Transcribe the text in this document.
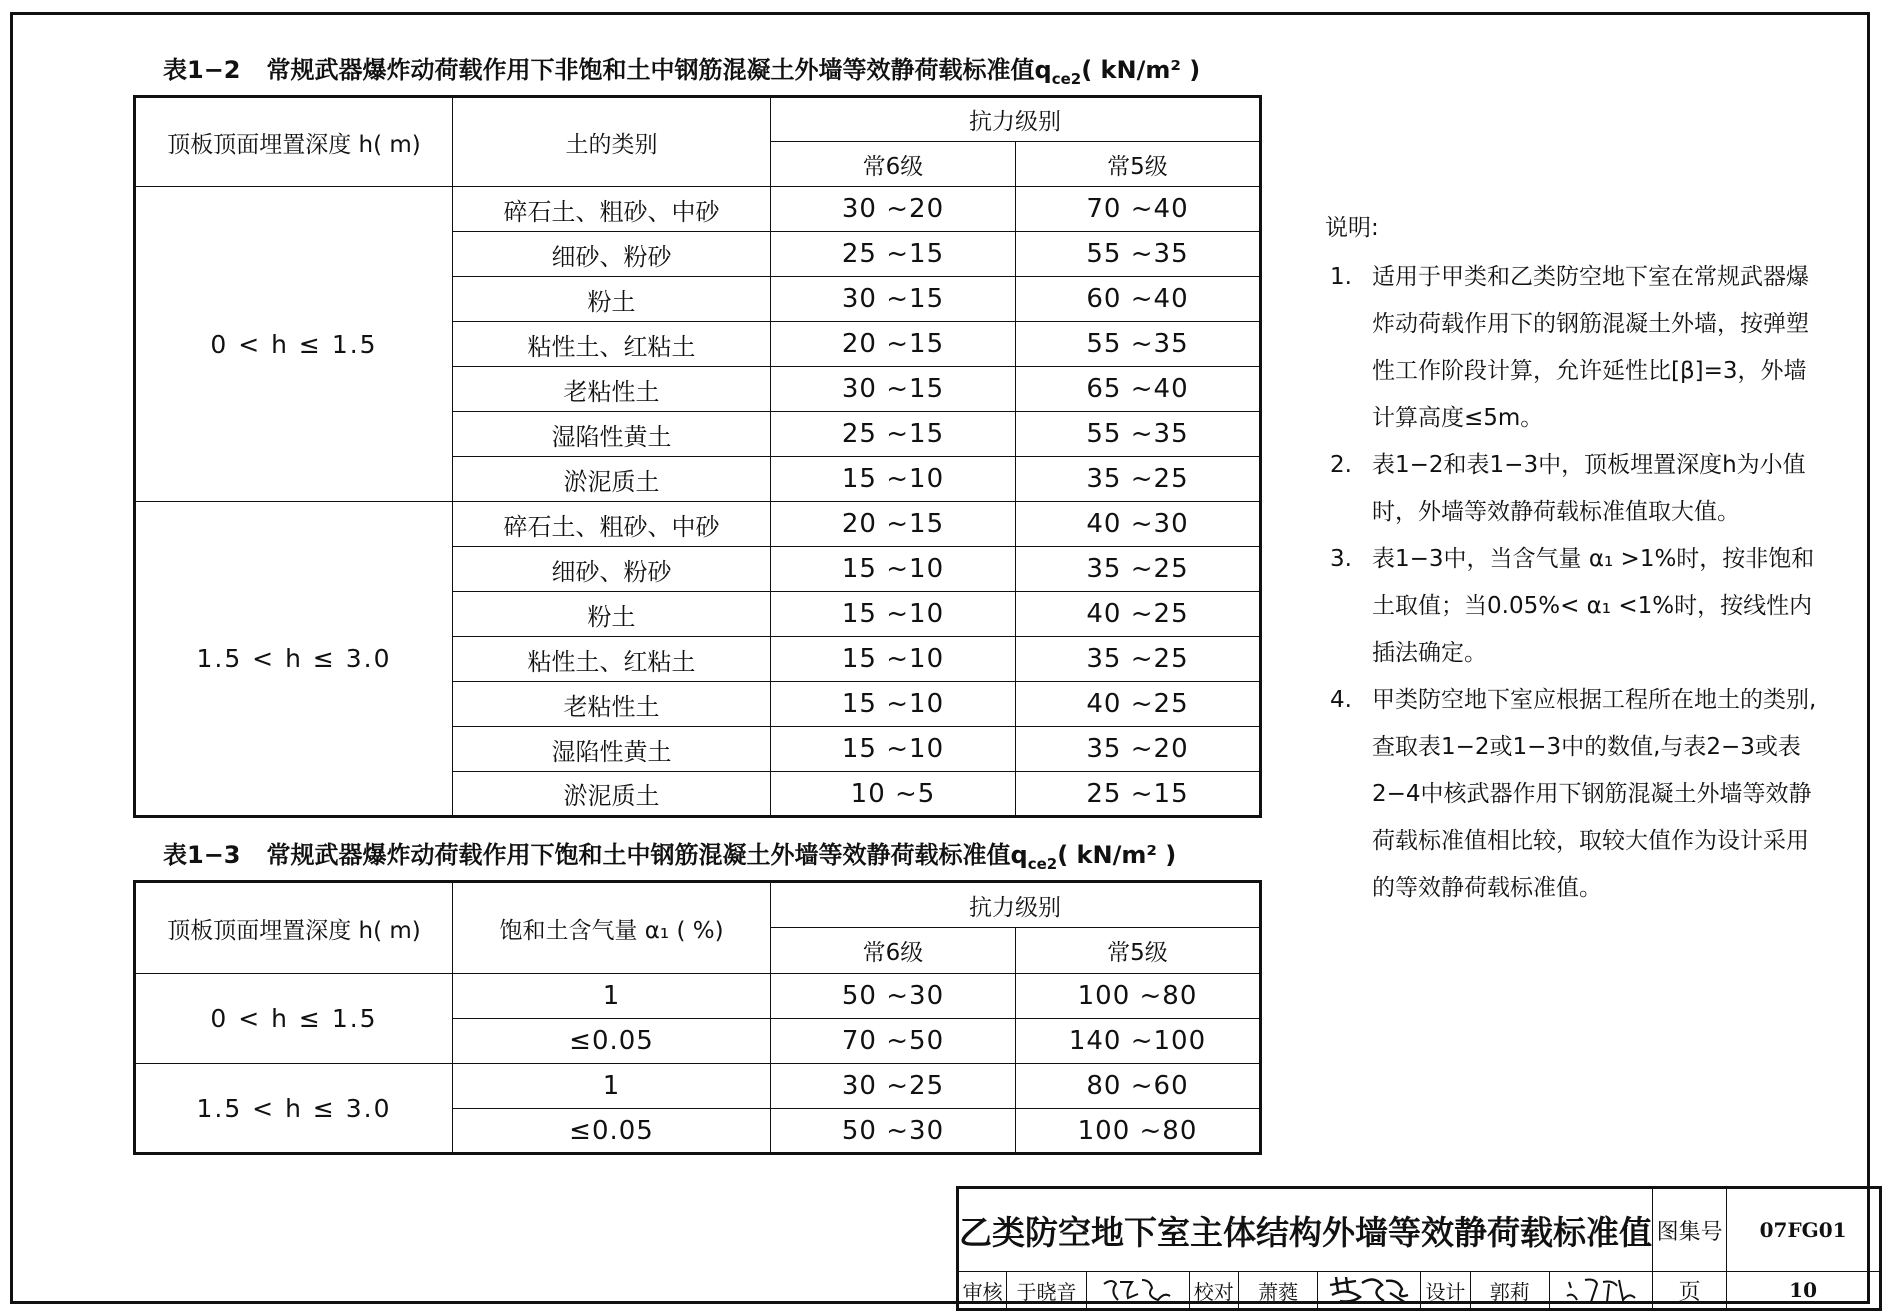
表1−2 常规武器爆炸动荷载作用下非饱和土中钢筋混凝土外墙等效静荷载标准值$q_{ce2}$( kN/m² )
顶板顶面埋置深度 h( m)	土的类别	抗力级别	
		常6级	常5级
0 < h ≤ 1.5	碎石土、粗砂、中砂	30 ~20	70 ~40
	细砂、粉砂	25 ~15	55 ~35
	粉土	30 ~15	60 ~40
	粘性土、红粘土	20 ~15	55 ~35
	老粘性土	30 ~15	65 ~40
	湿陷性黄土	25 ~15	55 ~35
	淤泥质土	15 ~10	35 ~25
1.5 < h ≤ 3.0	碎石土、粗砂、中砂	20 ~15	40 ~30
	细砂、粉砂	15 ~10	35 ~25
	粉土	15 ~10	40 ~25
	粘性土、红粘土	15 ~10	35 ~25
	老粘性土	15 ~10	40 ~25
	湿陷性黄土	15 ~10	35 ~20
	淤泥质土	10 ~5	25 ~15
表1−3 常规武器爆炸动荷载作用下饱和土中钢筋混凝土外墙等效静荷载标准值$q_{ce2}$( kN/m² )
顶板顶面埋置深度 h( m)	饱和土含气量 α₁ ( %)	抗力级别	
		常6级	常5级
0 < h ≤ 1.5	1	50 ~30	100 ~80
	≤0.05	70 ~50	140 ~100
1.5 < h ≤ 3.0	1	30 ~25	80 ~60
	≤0.05	50 ~30	100 ~80
说明:
1. 适用于甲类和乙类防空地下室在常规武器爆炸动荷载作用下的钢筋混凝土外墙，按弹塑性工作阶段计算，允许延性比[β]=3，外墙计算高度≤5m。
2. 表1−2和表1−3中，顶板埋置深度h为小值时，外墙等效静荷载标准值取大值。
3. 表1−3中，当含气量 α₁ >1%时，按非饱和土取值；当0.05%< α₁ <1%时，按线性内插法确定。
4. 甲类防空地下室应根据工程所在地土的类别,查取表1−2或1−3中的数值,与表2−3或表2−4中核武器作用下钢筋混凝土外墙等效静荷载标准值相比较，取较大值作为设计采用的等效静荷载标准值。
乙类防空地下室主体结构外墙等效静荷载标准值									图集号	07FG01
审核	于晓音		校对	萧蕤		设计	郭莉		页	10
